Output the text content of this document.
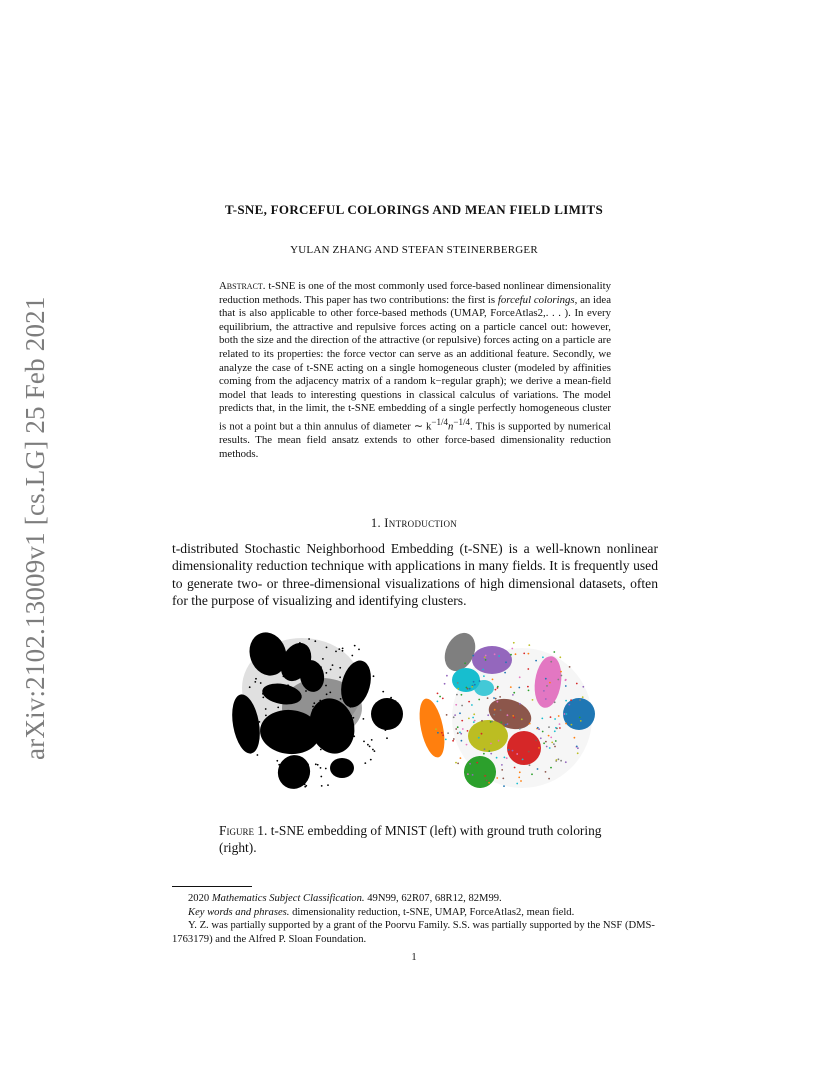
arXiv:2102.13009v1 [cs.LG] 25 Feb 2021
T-SNE, FORCEFUL COLORINGS AND MEAN FIELD LIMITS
YULAN ZHANG AND STEFAN STEINERBERGER
Abstract. t-SNE is one of the most commonly used force-based nonlinear dimensionality reduction methods. This paper has two contributions: the first is forceful colorings, an idea that is also applicable to other force-based methods (UMAP, ForceAtlas2,. . . ). In every equilibrium, the attractive and repulsive forces acting on a particle cancel out: however, both the size and the direction of the attractive (or repulsive) forces acting on a particle are related to its properties: the force vector can serve as an additional feature. Secondly, we analyze the case of t-SNE acting on a single homogeneous cluster (modeled by affinities coming from the adjacency matrix of a random k−regular graph); we derive a mean-field model that leads to interesting questions in classical calculus of variations. The model predicts that, in the limit, the t-SNE embedding of a single perfectly homogeneous cluster is not a point but a thin annulus of diameter ∼ $k^{-1/4}n^{-1/4}$. This is supported by numerical results. The mean field ansatz extends to other force-based dimensionality reduction methods.
1. Introduction
t-distributed Stochastic Neighborhood Embedding (t-SNE) is a well-known nonlinear dimensionality reduction technique with applications in many fields. It is frequently used to generate two- or three-dimensional visualizations of high dimensional datasets, often for the purpose of visualizing and identifying clusters.
Figure 1. t-SNE embedding of MNIST (left) with ground truth coloring (right).

2020 Mathematics Subject Classification. 49N99, 62R07, 68R12, 82M99.

Key words and phrases. dimensionality reduction, t-SNE, UMAP, ForceAtlas2, mean field.

Y. Z. was partially supported by a grant of the Poorvu Family. S.S. was partially supported by the NSF (DMS-1763179) and the Alfred P. Sloan Foundation.

1
